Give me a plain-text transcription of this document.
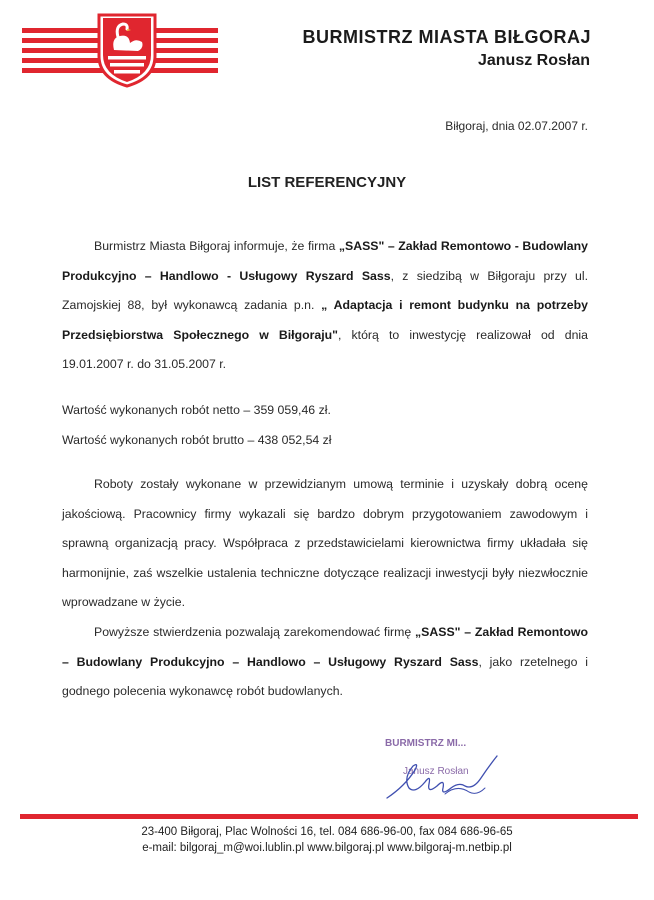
BURMISTRZ MIASTA BIŁGORAJ
Janusz Rosłan
Biłgoraj, dnia 02.07.2007 r.
LIST REFERENCYJNY

Burmistrz Miasta Biłgoraj informuje, że firma „SASS" – Zakład Remontowo - Budowlany Produkcyjno – Handlowo - Usługowy Ryszard Sass, z siedzibą w Biłgoraju przy ul. Zamojskiej 88, był wykonawcą zadania p.n. „ Adaptacja i remont budynku na potrzeby Przedsiębiorstwa Społecznego w Biłgoraju", którą to inwestycję realizował od dnia 19.01.2007 r. do 31.05.2007 r.

Wartość wykonanych robót netto – 359 059,46 zł.
Wartość wykonanych robót brutto – 438 052,54 zł

Roboty zostały wykonane w przewidzianym umową terminie i uzyskały dobrą ocenę jakościową. Pracownicy firmy wykazali się bardzo dobrym przygotowaniem zawodowym i sprawną organizacją pracy. Współpraca z przedstawicielami kierownictwa firmy układała się harmonijnie, zaś wszelkie ustalenia techniczne dotyczące realizacji inwestycji były niezwłocznie wprowadzane w życie.

Powyższe stwierdzenia pozwalają zarekomendować firmę „SASS" – Zakład Remontowo – Budowlany Produkcyjno – Handlowo – Usługowy Ryszard Sass, jako rzetelnego i godnego polecenia wykonawcę robót budowlanych.

BURMISTRZ MI...
Janusz Rosłan
23-400 Biłgoraj, Plac Wolności 16, tel. 084 686-96-00, fax 084 686-96-65
e-mail: bilgoraj_m@woi.lublin.pl www.bilgoraj.pl www.bilgoraj-m.netbip.pl
